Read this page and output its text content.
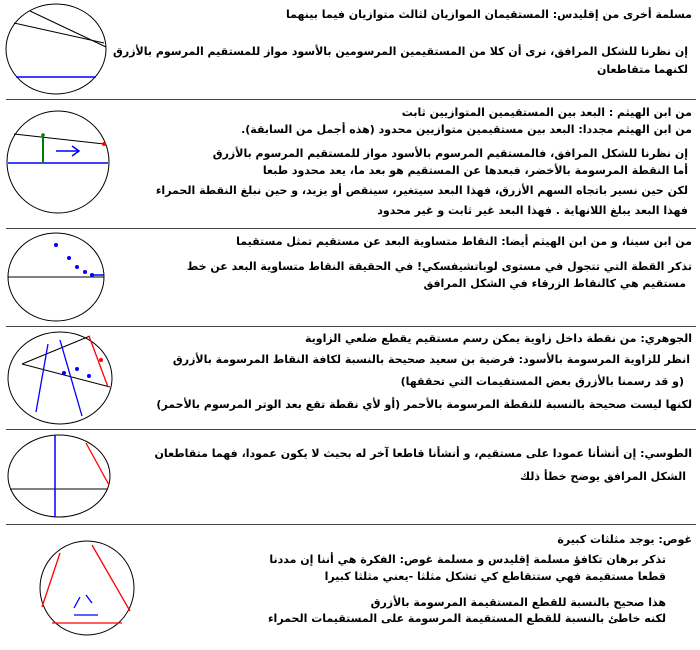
مسلمة أخرى من إقليدس: المستقيمان الموازيان لثالث متوازيان فيما بينهما
إن نظرنا للشكل المرافق، نرى أن كلا من المستقيمين المرسومين بالأسود مواز للمستقيم المرسوم بالأزرق
لكنهما متقاطعان
من ابن الهيثم : البعد بين المستقيمين المتوازيين ثابت
من ابن الهيثم مجددا: البعد بين مستقيمين متوازيين محدود (هذه أجمل من السابقة).
إن نظرنا للشكل المرافق، فالمستقيم المرسوم بالأسود مواز للمستقيم المرسوم بالأزرق
أما النقطة المرسومة بالأخضر، فبعدها عن المستقيم هو بعد ما، يعد محدود طبعا
لكن حين نسير باتجاه السهم الأزرق، فهذا البعد سيتغير، سينقص أو يزيد، و حين نبلغ النقطة الحمراء
فهذا البعد يبلغ اللانهاية . فهذا البعد غير ثابت و غير محدود
من ابن سينا، و من ابن الهيثم أيضا: النقاط متساوية البعد عن مستقيم تمثل مستقيما
تذكر القطة التي تتجول في مستوى لوباتشيفسكي! في الحقيقة النقاط متساوية البعد عن خط
مستقيم هي كالنقاط الزرقاء في الشكل المرافق
الجوهري: من نقطة داخل زاوية يمكن رسم مستقيم يقطع ضلعي الزاوية
انظر للزاوية المرسومة بالأسود: فرضية بن سعيد صحيحة بالنسبة لكافة النقاط المرسومة بالأزرق
(و قد رسمنا بالأزرق بعض المستقيمات التي تحققها)
لكنها ليست صحيحة بالنسبة للنقطة المرسومة بالأحمر (أو لأي نقطة تقع بعد الوتر المرسوم بالأحمر)
الطوسي: إن أنشأنا عمودا على مستقيم، و أنشأنا قاطعا آخر له بحيث لا يكون عمودا، فهما متقاطعان
الشكل المرافق يوضح خطأ ذلك
غوص: يوجد مثلثات كبيرة
تذكر برهان تكافؤ مسلمة إقليدس و مسلمة غوص: الفكرة هي أننا إن مددنا
قطعا مستقيمة فهي ستتقاطع كي تشكل مثلثا -يعني مثلثا كبيرا
هذا صحيح بالنسبة للقطع المستقيمة المرسومة بالأزرق
لكنه خاطئ بالنسبة للقطع المستقيمة المرسومة على المستقيمات الحمراء
